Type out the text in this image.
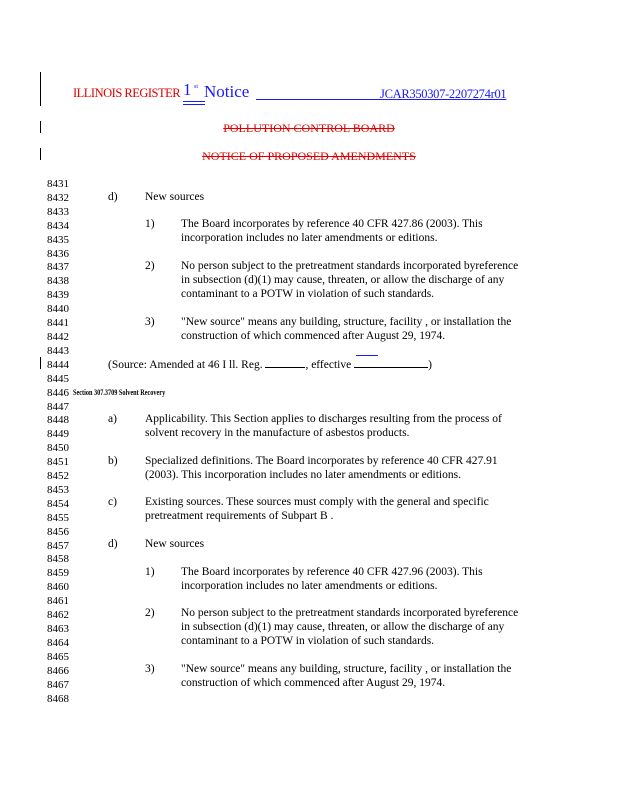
ILLINOIS REGISTER 1 st Notice	JCAR350307-2207274r01
POLLUTION CONTROL BOARD
NOTICE OF PROPOSED AMENDMENTS
8431
8432
8433
8434
8435
8436
8437
8438
8439
8440
8441
8442
8443
8444
8445
8446
8447
8448
8449
8450
8451
8452
8453
8454
8455
8456
8457
8458
8459
8460
8461
8462
8463
8464
8465
8466
8467
8468
d) New sources
1) The Board incorporates by reference 40 CFR 427.86 (2003). This
incorporation includes no later amendments or editions.
2) No person subject to the pretreatment standards incorporated byreference
in subsection (d)(1) may cause, threaten, or allow the discharge of any
contaminant to a POTW in violation of such standards.
3) "New source" means any building, structure, facility , or installation the
construction of which commenced after August 29, 1974.
(Source: Amended at 46 I ll. Reg.	, effective	)
Section 307.3709 Solvent Recovery
a) Applicability. This Section applies to discharges resulting from the process of
solvent recovery in the manufacture of asbestos products.
b) Specialized definitions. The Board incorporates by reference 40 CFR 427.91
(2003). This incorporation includes no later amendments or editions.
c) Existing sources. These sources must comply with the general and specific
pretreatment requirements of Subpart B .
d) New sources
1) The Board incorporates by reference 40 CFR 427.96 (2003). This
incorporation includes no later amendments or editions.
2) No person subject to the pretreatment standards incorporated byreference
in subsection (d)(1) may cause, threaten, or allow the discharge of any
contaminant to a POTW in violation of such standards.
3) "New source" means any building, structure, facility , or installation the
construction of which commenced after August 29, 1974.
